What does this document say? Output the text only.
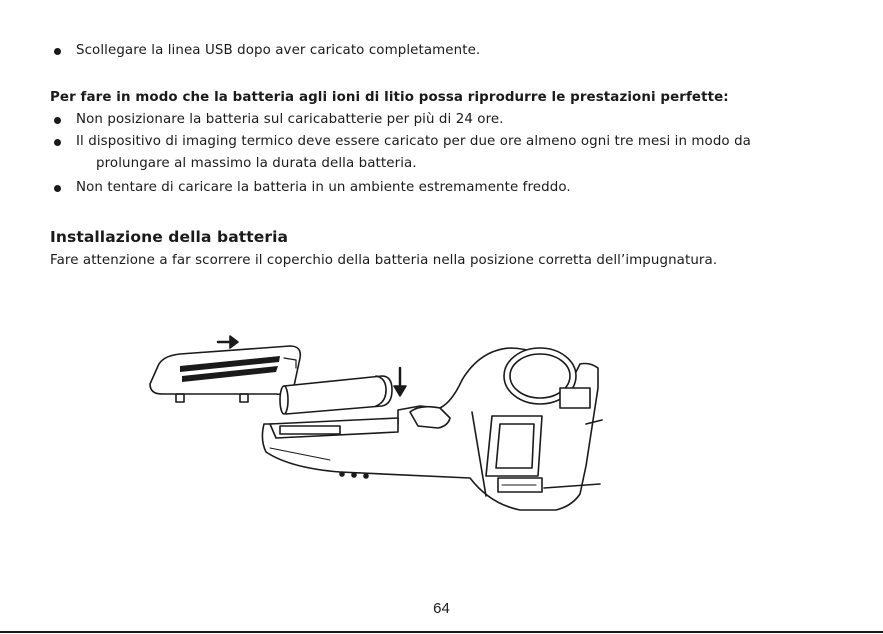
Scollegare la linea USB dopo aver caricato completamente.
Per fare in modo che la batteria agli ioni di litio possa riprodurre le prestazioni perfette:
Non posizionare la batteria sul caricabatterie per più di 24 ore.
Il dispositivo di imaging termico deve essere caricato per due ore almeno ogni tre mesi in modo da
prolungare al massimo la durata della batteria.
Non tentare di caricare la batteria in un ambiente estremamente freddo.
Installazione della batteria
Fare attenzione a far scorrere il coperchio della batteria nella posizione corretta dell’impugnatura.
64
